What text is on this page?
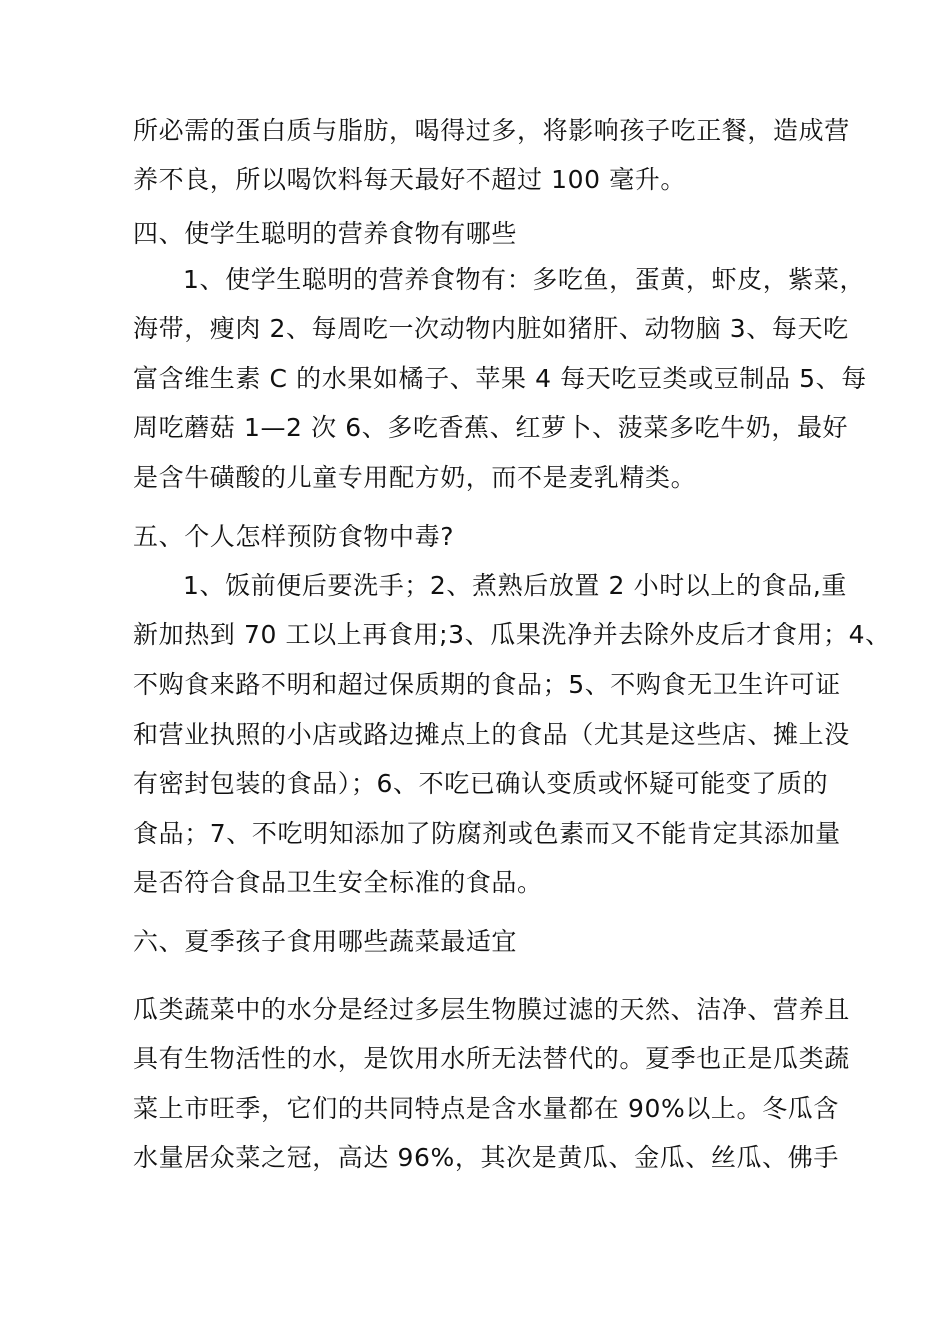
所必需的蛋白质与脂肪，喝得过多，将影响孩子吃正餐，造成营
养不良，所以喝饮料每天最好不超过 100 毫升。
四、使学生聪明的营养食物有哪些
1、使学生聪明的营养食物有：多吃鱼，蛋黄，虾皮，紫菜，
海带，瘦肉 2、每周吃一次动物内脏如猪肝、动物脑 3、每天吃
富含维生素 C 的水果如橘子、苹果 4 每天吃豆类或豆制品 5、每
周吃蘑菇 1—2 次 6、多吃香蕉、红萝卜、菠菜多吃牛奶，最好
是含牛磺酸的儿童专用配方奶，而不是麦乳精类。
五、个人怎样预防食物中毒?
1、饭前便后要洗手；2、煮熟后放置 2 小时以上的食品,重
新加热到 70 工以上再食用;3、瓜果洗净并去除外皮后才食用；4、
不购食来路不明和超过保质期的食品；5、不购食无卫生许可证
和营业执照的小店或路边摊点上的食品（尤其是这些店、摊上没
有密封包装的食品）；6、不吃已确认变质或怀疑可能变了质的
食品；7、不吃明知添加了防腐剂或色素而又不能肯定其添加量
是否符合食品卫生安全标准的食品。
六、夏季孩子食用哪些蔬菜最适宜
瓜类蔬菜中的水分是经过多层生物膜过滤的天然、洁净、营养且
具有生物活性的水，是饮用水所无法替代的。夏季也正是瓜类蔬
菜上市旺季，它们的共同特点是含水量都在 90%以上。冬瓜含
水量居众菜之冠，高达 96%，其次是黄瓜、金瓜、丝瓜、佛手
